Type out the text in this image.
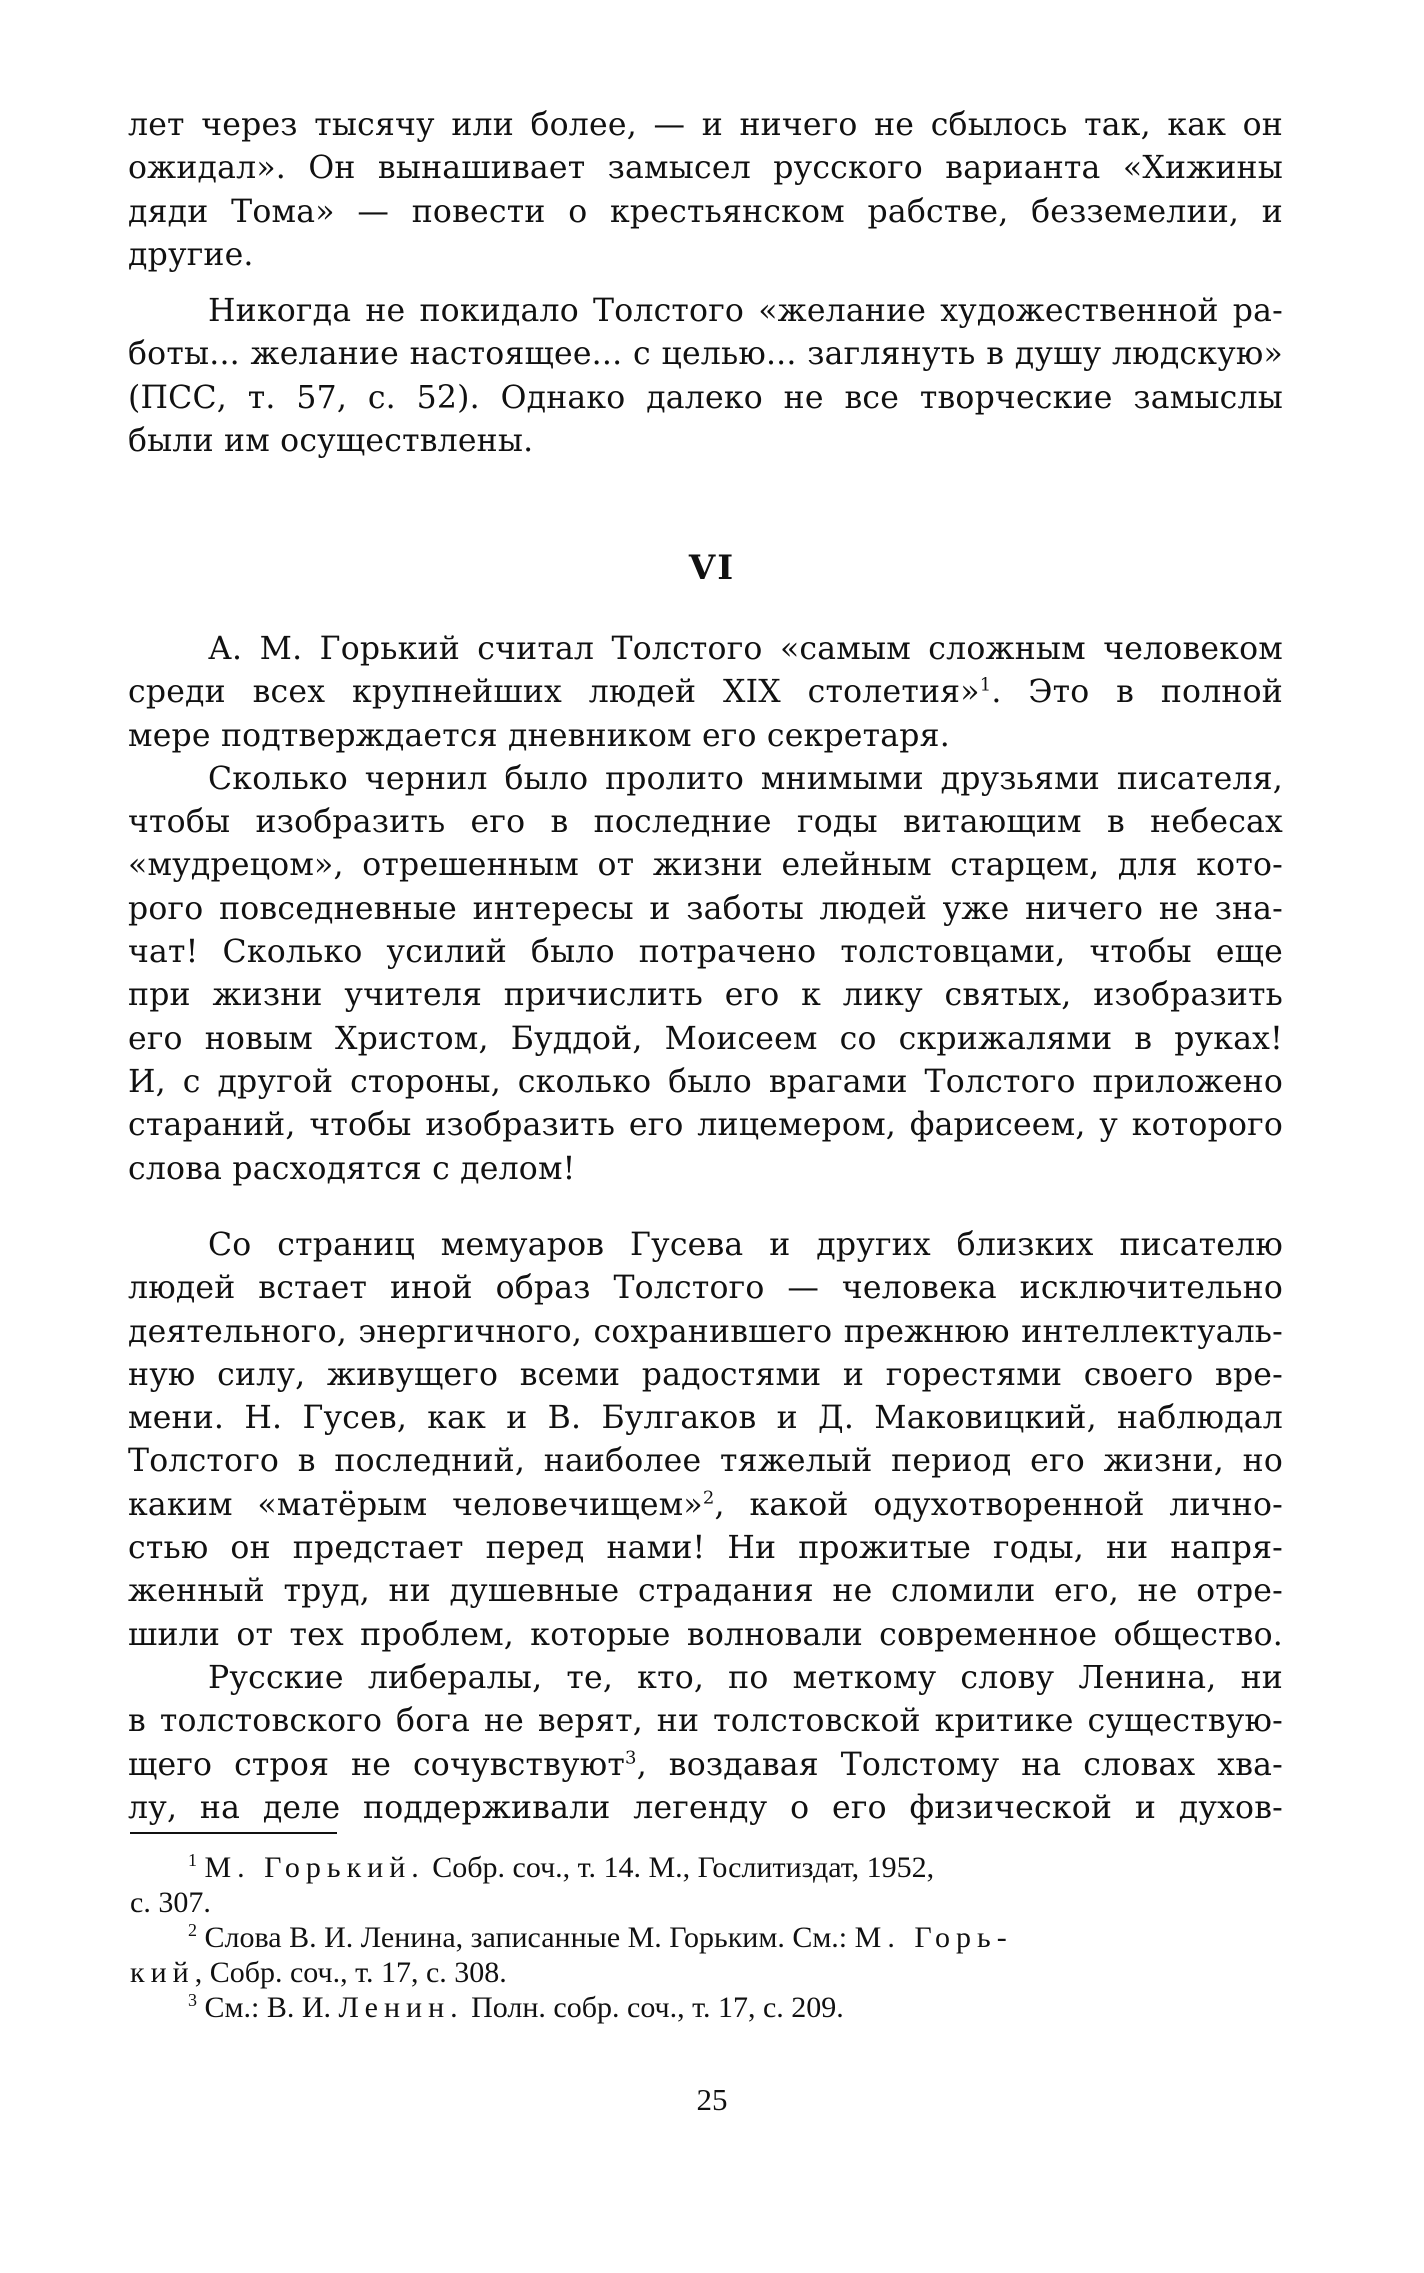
лет через тысячу или более, — и ничего не сбылось так, как он
ожидал». Он вынашивает замысел русского варианта «Хижины
дяди Тома» — повести о крестьянском рабстве, безземелии, и
другие.
Никогда не покидало Толстого «желание художественной ра-
боты... желание настоящее... с целью... заглянуть в душу людскую»
(ПСС, т. 57, с. 52). Однако далеко не все творческие замыслы
были им осуществлены.
VI
А. М. Горький считал Толстого «самым сложным человеком
среди всех крупнейших людей XIX столетия»$^1$. Это в полной
мере подтверждается дневником его секретаря.
Сколько чернил было пролито мнимыми друзьями писателя,
чтобы изобразить его в последние годы витающим в небесах
«мудрецом», отрешенным от жизни елейным старцем, для кото-
рого повседневные интересы и заботы людей уже ничего не зна-
чат! Сколько усилий было потрачено толстовцами, чтобы еще
при жизни учителя причислить его к лику святых, изобразить
его новым Христом, Буддой, Моисеем со скрижалями в руках!
И, с другой стороны, сколько было врагами Толстого приложено
стараний, чтобы изобразить его лицемером, фарисеем, у которого
слова расходятся с делом!
Со страниц мемуаров Гусева и других близких писателю
людей встает иной образ Толстого — человека исключительно
деятельного, энергичного, сохранившего прежнюю интеллектуаль-
ную силу, живущего всеми радостями и горестями своего вре-
мени. Н. Гусев, как и В. Булгаков и Д. Маковицкий, наблюдал
Толстого в последний, наиболее тяжелый период его жизни, но
каким «матёрым человечищем»$^2$, какой одухотворенной лично-
стью он предстает перед нами! Ни прожитые годы, ни напря-
женный труд, ни душевные страдания не сломили его, не отре-
шили от тех проблем, которые волновали современное общество.
Русские либералы, те, кто, по меткому слову Ленина, ни
в толстовского бога не верят, ни толстовской критике существую-
щего строя не сочувствуют$^3$, воздавая Толстому на словах хва-
лу, на деле поддерживали легенду о его физической и духов-
$^1$ М. Горький. Собр. соч., т. 14. М., Гослитиздат, 1952,
с. 307.
$^2$ Слова В. И. Ленина, записанные М. Горьким. См.: М. Горь-
кий, Собр. соч., т. 17, с. 308.
$^3$ См.: В. И. Ленин. Полн. собр. соч., т. 17, с. 209.
25
